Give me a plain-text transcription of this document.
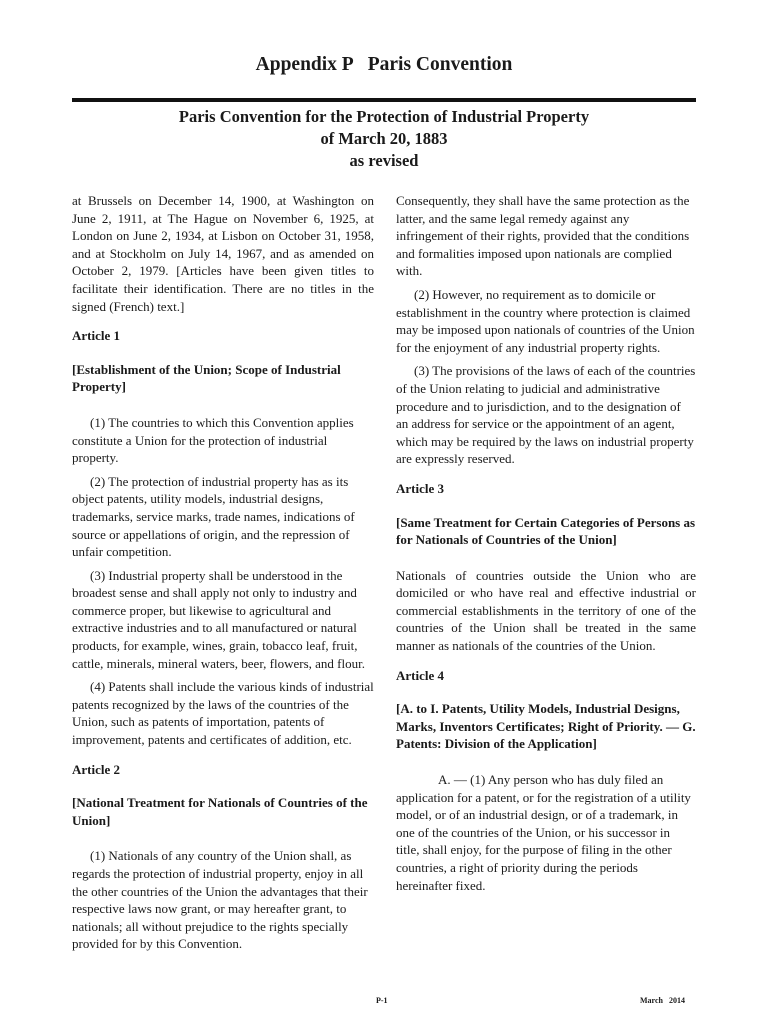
Appendix P Paris Convention
Paris Convention for the Protection of Industrial Property
of March 20, 1883
as revised

at Brussels on December 14, 1900, at Washington on June 2, 1911, at The Hague on November 6, 1925, at London on June 2, 1934, at Lisbon on October 31, 1958, and at Stockholm on July 14, 1967, and as amended on October 2, 1979. [Articles have been given titles to facilitate their identification. There are no titles in the signed (French) text.]

Article 1

[Establishment of the Union; Scope of Industrial Property]

(1) The countries to which this Convention applies constitute a Union for the protection of industrial property.

(2) The protection of industrial property has as its object patents, utility models, industrial designs, trademarks, service marks, trade names, indications of source or appellations of origin, and the repression of unfair competition.

(3) Industrial property shall be understood in the broadest sense and shall apply not only to industry and commerce proper, but likewise to agricultural and extractive industries and to all manufactured or natural products, for example, wines, grain, tobacco leaf, fruit, cattle, minerals, mineral waters, beer, flowers, and flour.

(4) Patents shall include the various kinds of industrial patents recognized by the laws of the countries of the Union, such as patents of importation, patents of improvement, patents and certificates of addition, etc.

Article 2

[National Treatment for Nationals of Countries of the Union]

(1) Nationals of any country of the Union shall, as regards the protection of industrial property, enjoy in all the other countries of the Union the advantages that their respective laws now grant, or may hereafter grant, to nationals; all without prejudice to the rights specially provided for by this Convention.

Consequently, they shall have the same protection as the latter, and the same legal remedy against any infringement of their rights, provided that the conditions and formalities imposed upon nationals are complied with.

(2) However, no requirement as to domicile or establishment in the country where protection is claimed may be imposed upon nationals of countries of the Union for the enjoyment of any industrial property rights.

(3) The provisions of the laws of each of the countries of the Union relating to judicial and administrative procedure and to jurisdiction, and to the designation of an address for service or the appointment of an agent, which may be required by the laws on industrial property are expressly reserved.

Article 3

[Same Treatment for Certain Categories of Persons as for Nationals of Countries of the Union]

Nationals of countries outside the Union who are domiciled or who have real and effective industrial or commercial establishments in the territory of one of the countries of the Union shall be treated in the same manner as nationals of the countries of the Union.

Article 4

[A. to I. Patents, Utility Models, Industrial Designs, Marks, Inventors Certificates; Right of Priority. — G. Patents: Division of the Application]

A. — (1) Any person who has duly filed an application for a patent, or for the registration of a utility model, or of an industrial design, or of a trademark, in one of the countries of the Union, or his successor in title, shall enjoy, for the purpose of filing in the other countries, a right of priority during the periods hereinafter fixed.

P-1	March   2014
